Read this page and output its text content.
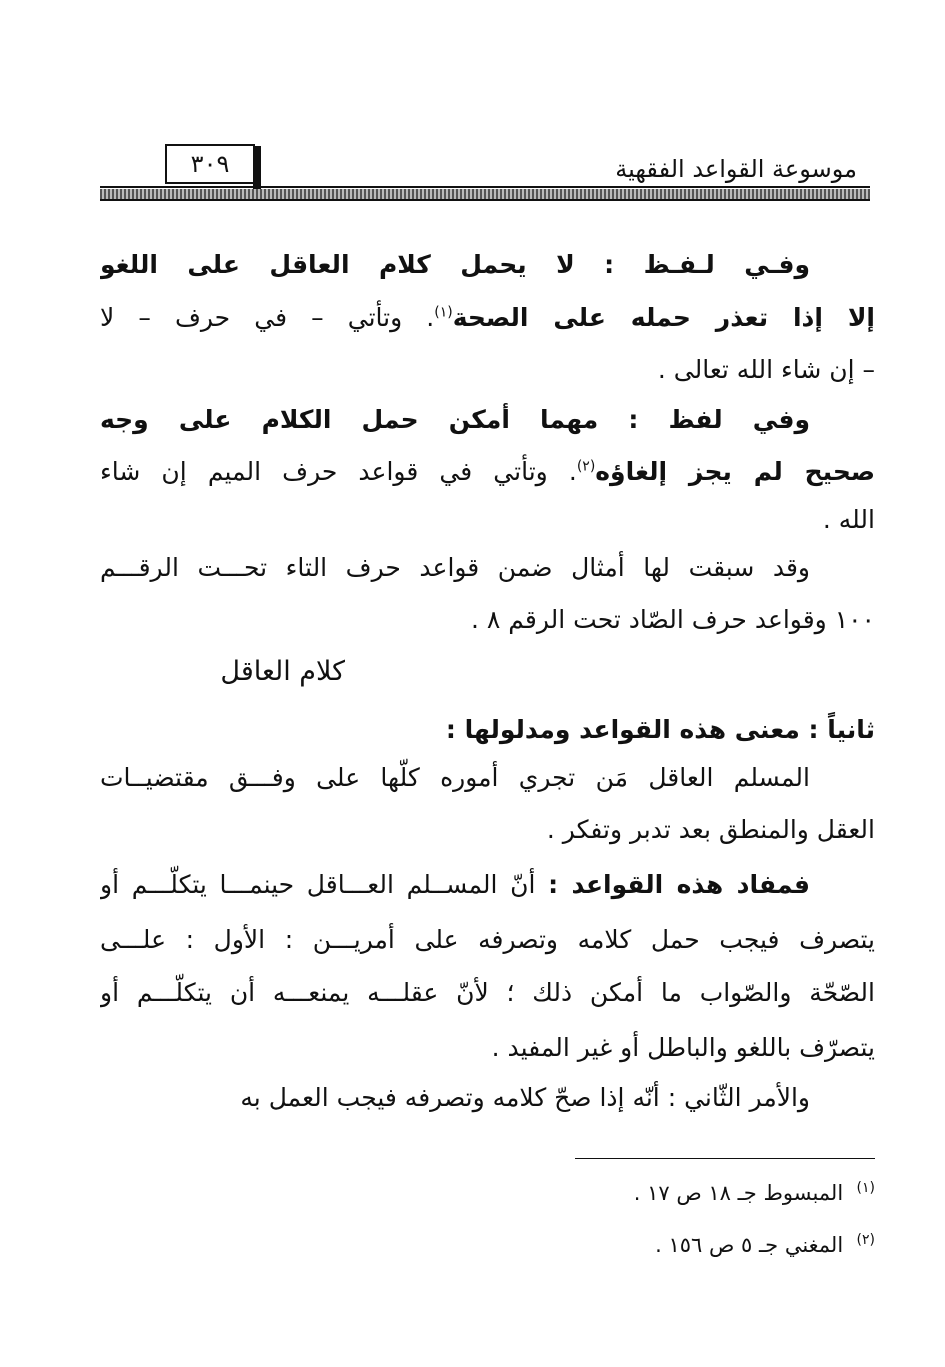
موسوعة القواعد الفقهية
٣٠٩
وفـي لـفـظ : لا يحمل كلام العاقل على اللغو
إلا إذا تعذر حمله على الصحة$^{(١)}$. وتأتي – في حرف – لا
– إن شاء الله تعالى .
وفي لفظ : مهما أمكن حمل الكلام على وجه
صحيح لم يجز إلغاؤه$^{(٢)}$. وتأتي في قواعد حرف الميم إن شاء
الله .
وقد سبقت لها أمثال ضمن قواعد حرف التاء تحـــت الرقـــم
١٠٠ وقواعد حرف الصّاد تحت الرقم ٨ .
كلام العاقل
ثانياً : معنى هذه القواعد ومدلولها :
المسلم العاقل مَن تجري أموره كلّها على وفـــق مقتضيــات
العقل والمنطق بعد تدبر وتفكر .
فمفاد هذه القواعد : أنّ المســلم العـــاقل حينمـــا يتكلّـــم أو
يتصرف فيجب حمل كلامه وتصرفه على أمريـــن : الأول : علـــى
الصّحّة والصّواب ما أمكن ذلك ؛ لأنّ عقلـــه يمنعـــه أن يتكلّـــم أو
يتصرّف باللغو والباطل أو غير المفيد .
والأمر الثّاني : أنّه إذا صحّ كلامه وتصرفه فيجب العمل به
$^{(١)}$  المبسوط جـ ١٨ ص ١٧ .
$^{(٢)}$  المغني جـ ٥ ص ١٥٦ .
